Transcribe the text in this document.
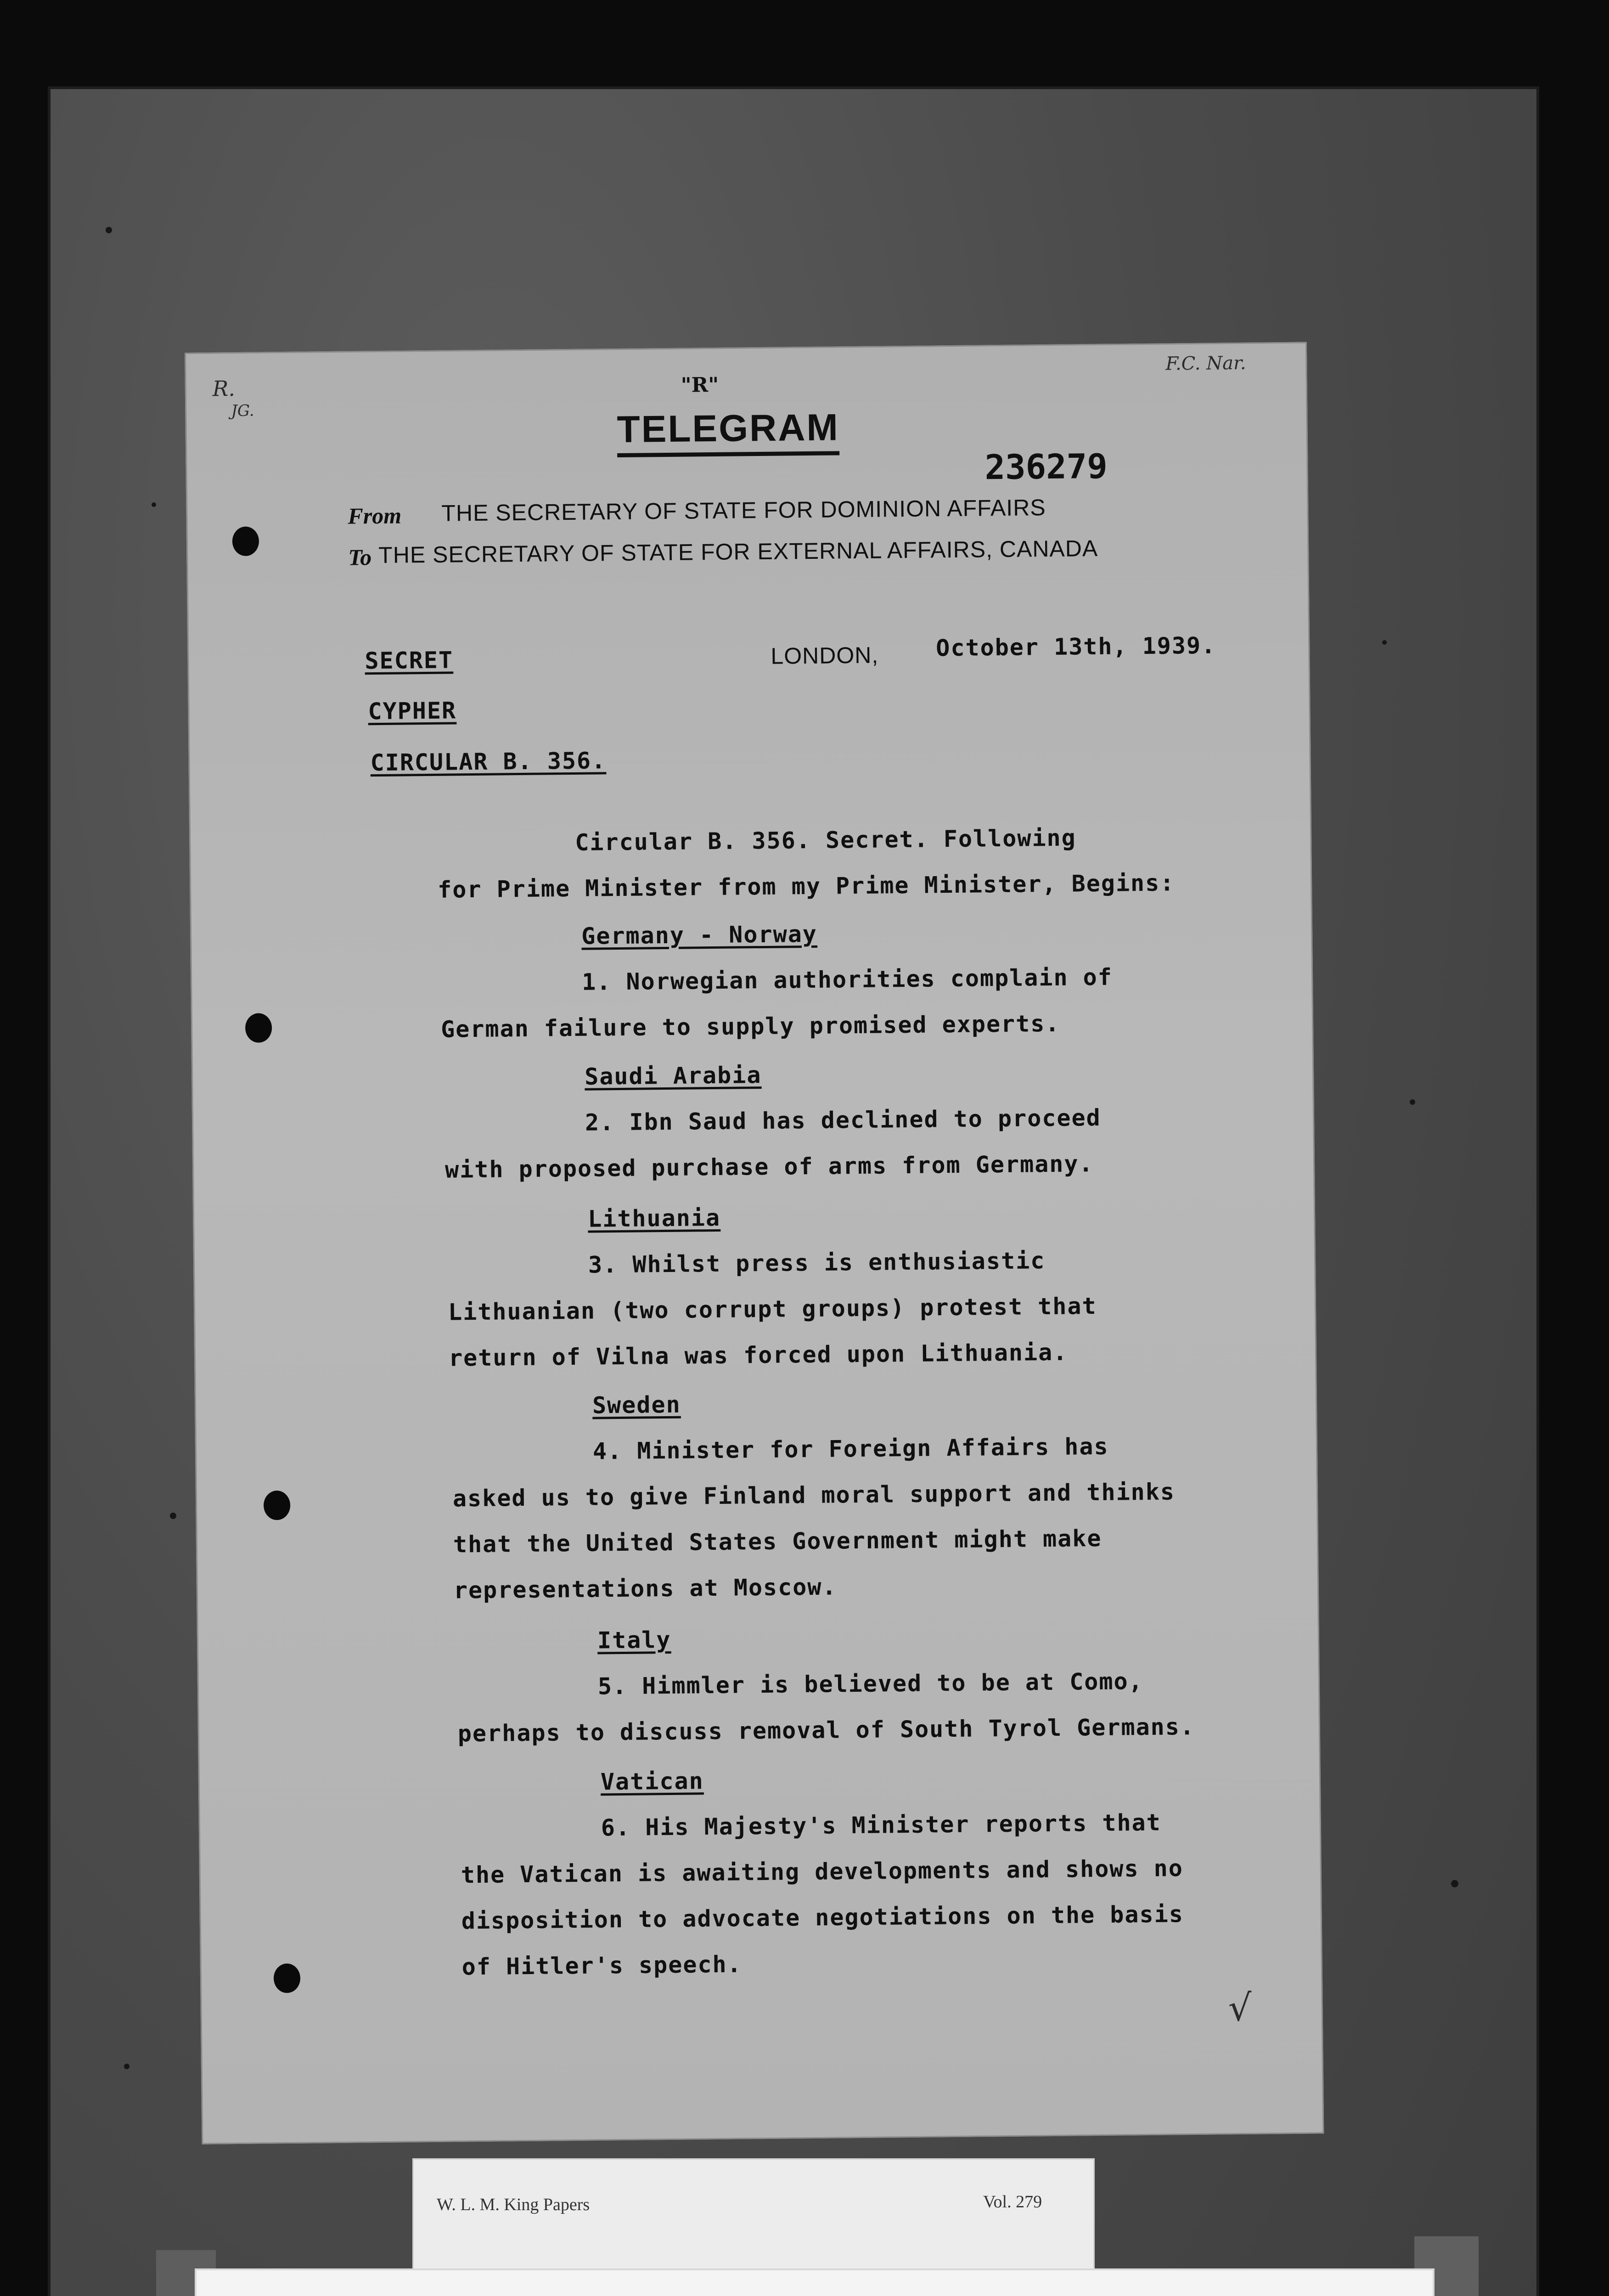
R.
JG.
F.C. Nar.
"R"
TELEGRAM
236279
From THE SECRETARY OF STATE FOR DOMINION AFFAIRS
To THE SECRETARY OF STATE FOR EXTERNAL AFFAIRS, CANADA
SECRET
CYPHER
CIRCULAR B. 356.
LONDON, October 13th, 1939.
Circular B. 356. Secret. Following
for Prime Minister from my Prime Minister, Begins:
Germany - Norway
1. Norwegian authorities complain of
German failure to supply promised experts.
Saudi Arabia
2. Ibn Saud has declined to proceed
with proposed purchase of arms from Germany.
Lithuania
3. Whilst press is enthusiastic
Lithuanian (two corrupt groups) protest that
return of Vilna was forced upon Lithuania.
Sweden
4. Minister for Foreign Affairs has
asked us to give Finland moral support and thinks
that the United States Government might make
representations at Moscow.
Italy
5. Himmler is believed to be at Como,
perhaps to discuss removal of South Tyrol Germans.
Vatican
6. His Majesty's Minister reports that
the Vatican is awaiting developments and shows no
disposition to advocate negotiations on the basis
of Hitler's speech.
√
W. L. M. King Papers	Vol. 279
